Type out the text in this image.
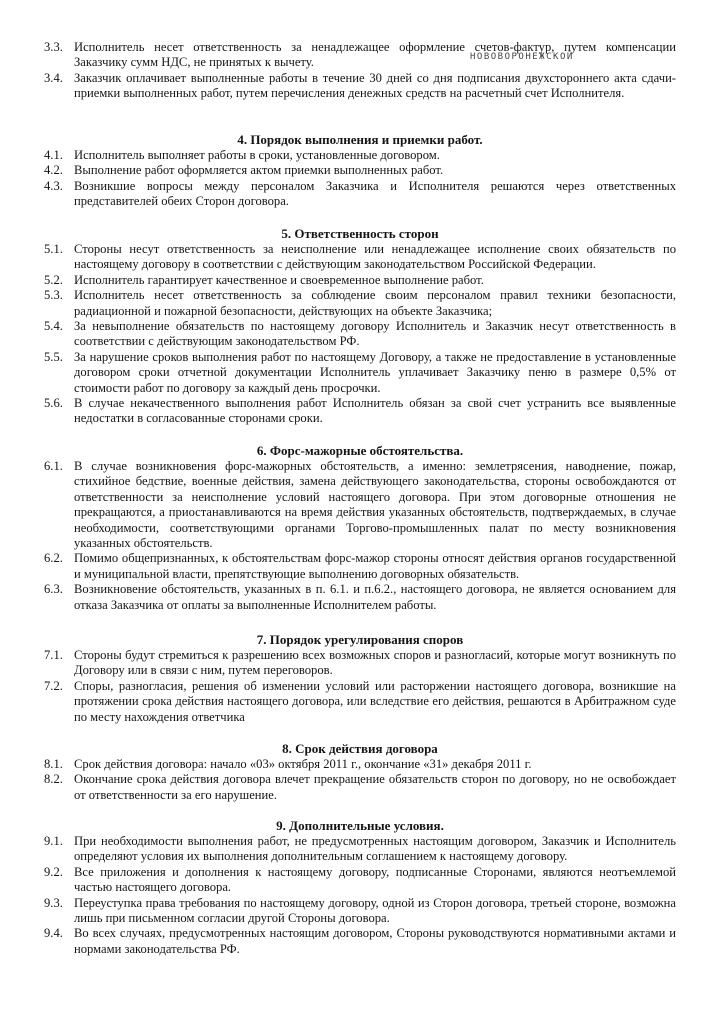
НОВОВОРОНЕЖСКОЙ
3.3. Исполнитель несет ответственность за ненадлежащее оформление счетов-фактур, путем компенсации Заказчику сумм НДС, не принятых к вычету.
3.4. Заказчик оплачивает выполненные работы в течение 30 дней со дня подписания двухстороннего акта сдачи-приемки выполненных работ, путем перечисления денежных средств на расчетный счет Исполнителя.

4. Порядок выполнения и приемки работ.

4.1. Исполнитель выполняет работы в сроки, установленные договором.
4.2. Выполнение работ оформляется актом приемки выполненных работ.
4.3. Возникшие вопросы между персоналом Заказчика и Исполнителя решаются через ответственных представителей обеих Сторон договора.

5. Ответственность сторон

5.1. Стороны несут ответственность за неисполнение или ненадлежащее исполнение своих обязательств по настоящему договору в соответствии с действующим законодательством Российской Федерации.
5.2. Исполнитель гарантирует качественное и своевременное выполнение работ.
5.3. Исполнитель несет ответственность за соблюдение своим персоналом правил техники безопасности, радиационной и пожарной безопасности, действующих на объекте Заказчика;
5.4. За невыполнение обязательств по настоящему договору Исполнитель и Заказчик несут ответственность в соответствии с действующим законодательством РФ.
5.5. За нарушение сроков выполнения работ по настоящему Договору, а также не предоставление в установленные договором сроки отчетной документации Исполнитель уплачивает Заказчику пеню в размере 0,5% от стоимости работ по договору за каждый день просрочки.
5.6. В случае некачественного выполнения работ Исполнитель обязан за свой счет устранить все выявленные недостатки в согласованные сторонами сроки.

6. Форс-мажорные обстоятельства.

6.1. В случае возникновения форс-мажорных обстоятельств, а именно: землетрясения, наводнение, пожар, стихийное бедствие, военные действия, замена действующего законодательства, стороны освобождаются от ответственности за неисполнение условий настоящего договора. При этом договорные отношения не прекращаются, а приостанавливаются на время действия указанных обстоятельств, подтверждаемых, в случае необходимости, соответствующими органами Торгово-промышленных палат по месту возникновения указанных обстоятельств.
6.2. Помимо общепризнанных, к обстоятельствам форс-мажор стороны относят действия органов государственной и муниципальной власти, препятствующие выполнению договорных обязательств.
6.3. Возникновение обстоятельств, указанных в п. 6.1. и п.6.2., настоящего договора, не является основанием для отказа Заказчика от оплаты за выполненные Исполнителем работы.

7. Порядок урегулирования споров

7.1. Стороны будут стремиться к разрешению всех возможных споров и разногласий, которые могут возникнуть по Договору или в связи с ним, путем переговоров.
7.2. Споры, разногласия, решения об изменении условий или расторжении настоящего договора, возникшие на протяжении срока действия настоящего договора, или вследствие его действия, решаются в Арбитражном суде по месту нахождения ответчика

8. Срок действия договора

8.1. Срок действия договора: начало «03» октября 2011 г., окончание «31» декабря 2011 г.
8.2. Окончание срока действия договора влечет прекращение обязательств сторон по договору, но не освобождает от ответственности за его нарушение.

9. Дополнительные условия.

9.1. При необходимости выполнения работ, не предусмотренных настоящим договором, Заказчик и Исполнитель определяют условия их выполнения дополнительным соглашением к настоящему договору.
9.2. Все приложения и дополнения к настоящему договору, подписанные Сторонами, являются неотъемлемой частью настоящего договора.
9.3. Переуступка права требования по настоящему договору, одной из Сторон договора, третьей стороне, возможна лишь при письменном согласии другой Стороны договора.
9.4. Во всех случаях, предусмотренных настоящим договором, Стороны руководствуются нормативными актами и нормами законодательства РФ.
